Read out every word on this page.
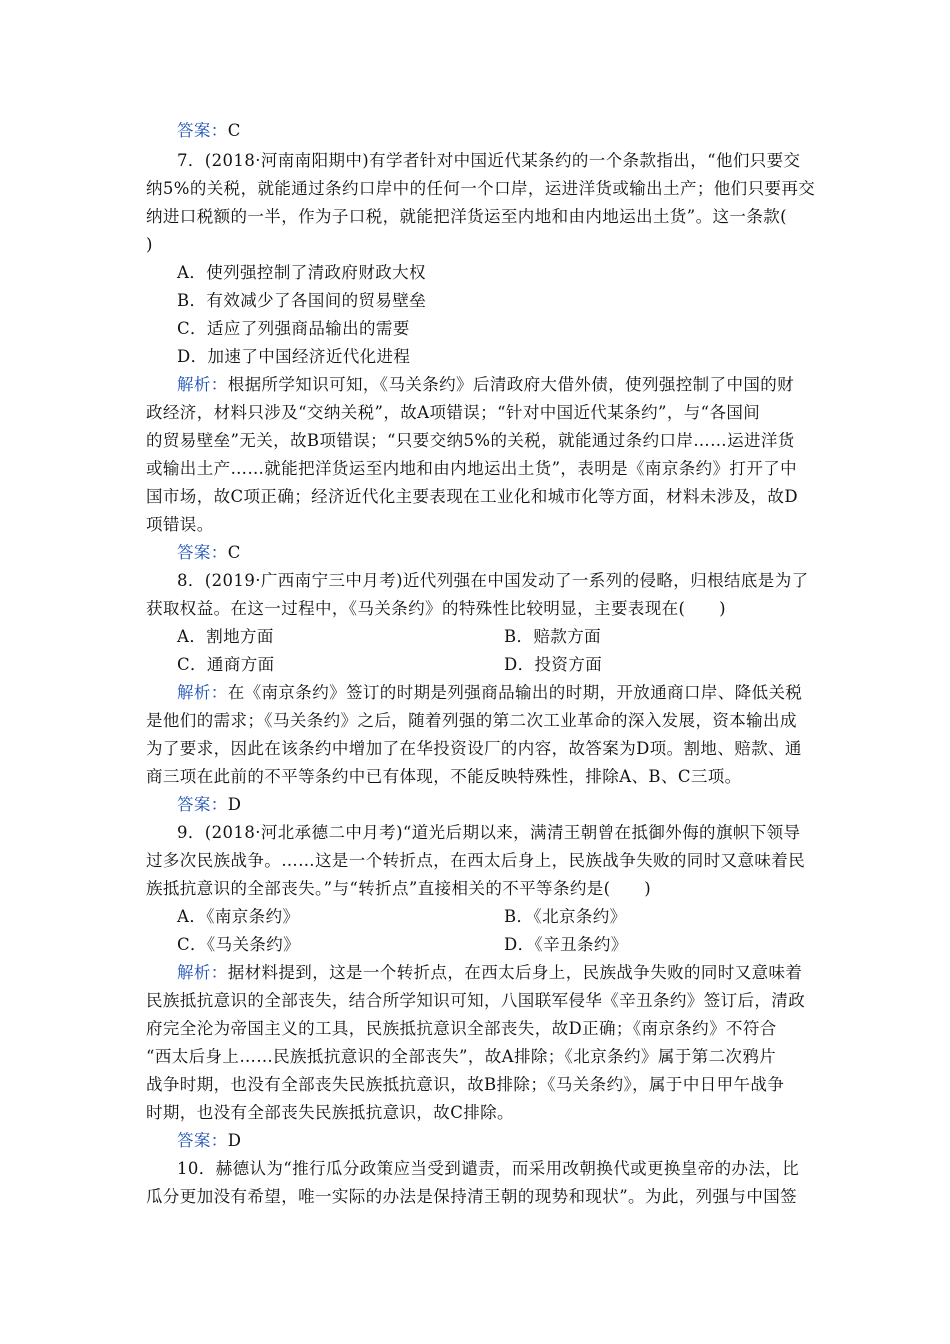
答案：C
7．(2018·河南南阳期中)有学者针对中国近代某条约的一个条款指出，“他们只要交
纳5%的关税，就能通过条约口岸中的任何一个口岸，运进洋货或输出土产；他们只要再交
纳进口税额的一半，作为子口税，就能把洋货运至内地和由内地运出土货”。这一条款(
)
A．使列强控制了清政府财政大权
B．有效减少了各国间的贸易壁垒
C．适应了列强商品输出的需要
D．加速了中国经济近代化进程
解析：根据所学知识可知，《马关条约》后清政府大借外债，使列强控制了中国的财
政经济，材料只涉及“交纳关税”，故A项错误；“针对中国近代某条约”，与“各国间
的贸易壁垒”无关，故B项错误；“只要交纳5%的关税，就能通过条约口岸……运进洋货
或输出土产……就能把洋货运至内地和由内地运出土货”，表明是《南京条约》打开了中
国市场，故C项正确；经济近代化主要表现在工业化和城市化等方面，材料未涉及，故D
项错误。
答案：C
8．(2019·广西南宁三中月考)近代列强在中国发动了一系列的侵略，归根结底是为了
获取权益。在这一过程中，《马关条约》的特殊性比较明显，主要表现在(　　)
A．割地方面	B．赔款方面
C．通商方面	D．投资方面
解析：在《南京条约》签订的时期是列强商品输出的时期，开放通商口岸、降低关税
是他们的需求；《马关条约》之后，随着列强的第二次工业革命的深入发展，资本输出成
为了要求，因此在该条约中增加了在华投资设厂的内容，故答案为D项。割地、赔款、通
商三项在此前的不平等条约中已有体现，不能反映特殊性，排除A、B、C三项。
答案：D
9．(2018·河北承德二中月考)“道光后期以来，满清王朝曾在抵御外侮的旗帜下领导
过多次民族战争。……这是一个转折点，在西太后身上，民族战争失败的同时又意味着民
族抵抗意识的全部丧失。”与“转折点”直接相关的不平等条约是(　　)
A．《南京条约》	B．《北京条约》
C．《马关条约》	D．《辛丑条约》
解析：据材料提到，这是一个转折点，在西太后身上，民族战争失败的同时又意味着
民族抵抗意识的全部丧失，结合所学知识可知，八国联军侵华《辛丑条约》签订后，清政
府完全沦为帝国主义的工具，民族抵抗意识全部丧失，故D正确；《南京条约》不符合
“西太后身上……民族抵抗意识的全部丧失”，故A排除；《北京条约》属于第二次鸦片
战争时期，也没有全部丧失民族抵抗意识，故B排除；《马关条约》，属于中日甲午战争
时期，也没有全部丧失民族抵抗意识，故C排除。
答案：D
10．赫德认为“推行瓜分政策应当受到谴责，而采用改朝换代或更换皇帝的办法，比
瓜分更加没有希望，唯一实际的办法是保持清王朝的现势和现状”。为此，列强与中国签
